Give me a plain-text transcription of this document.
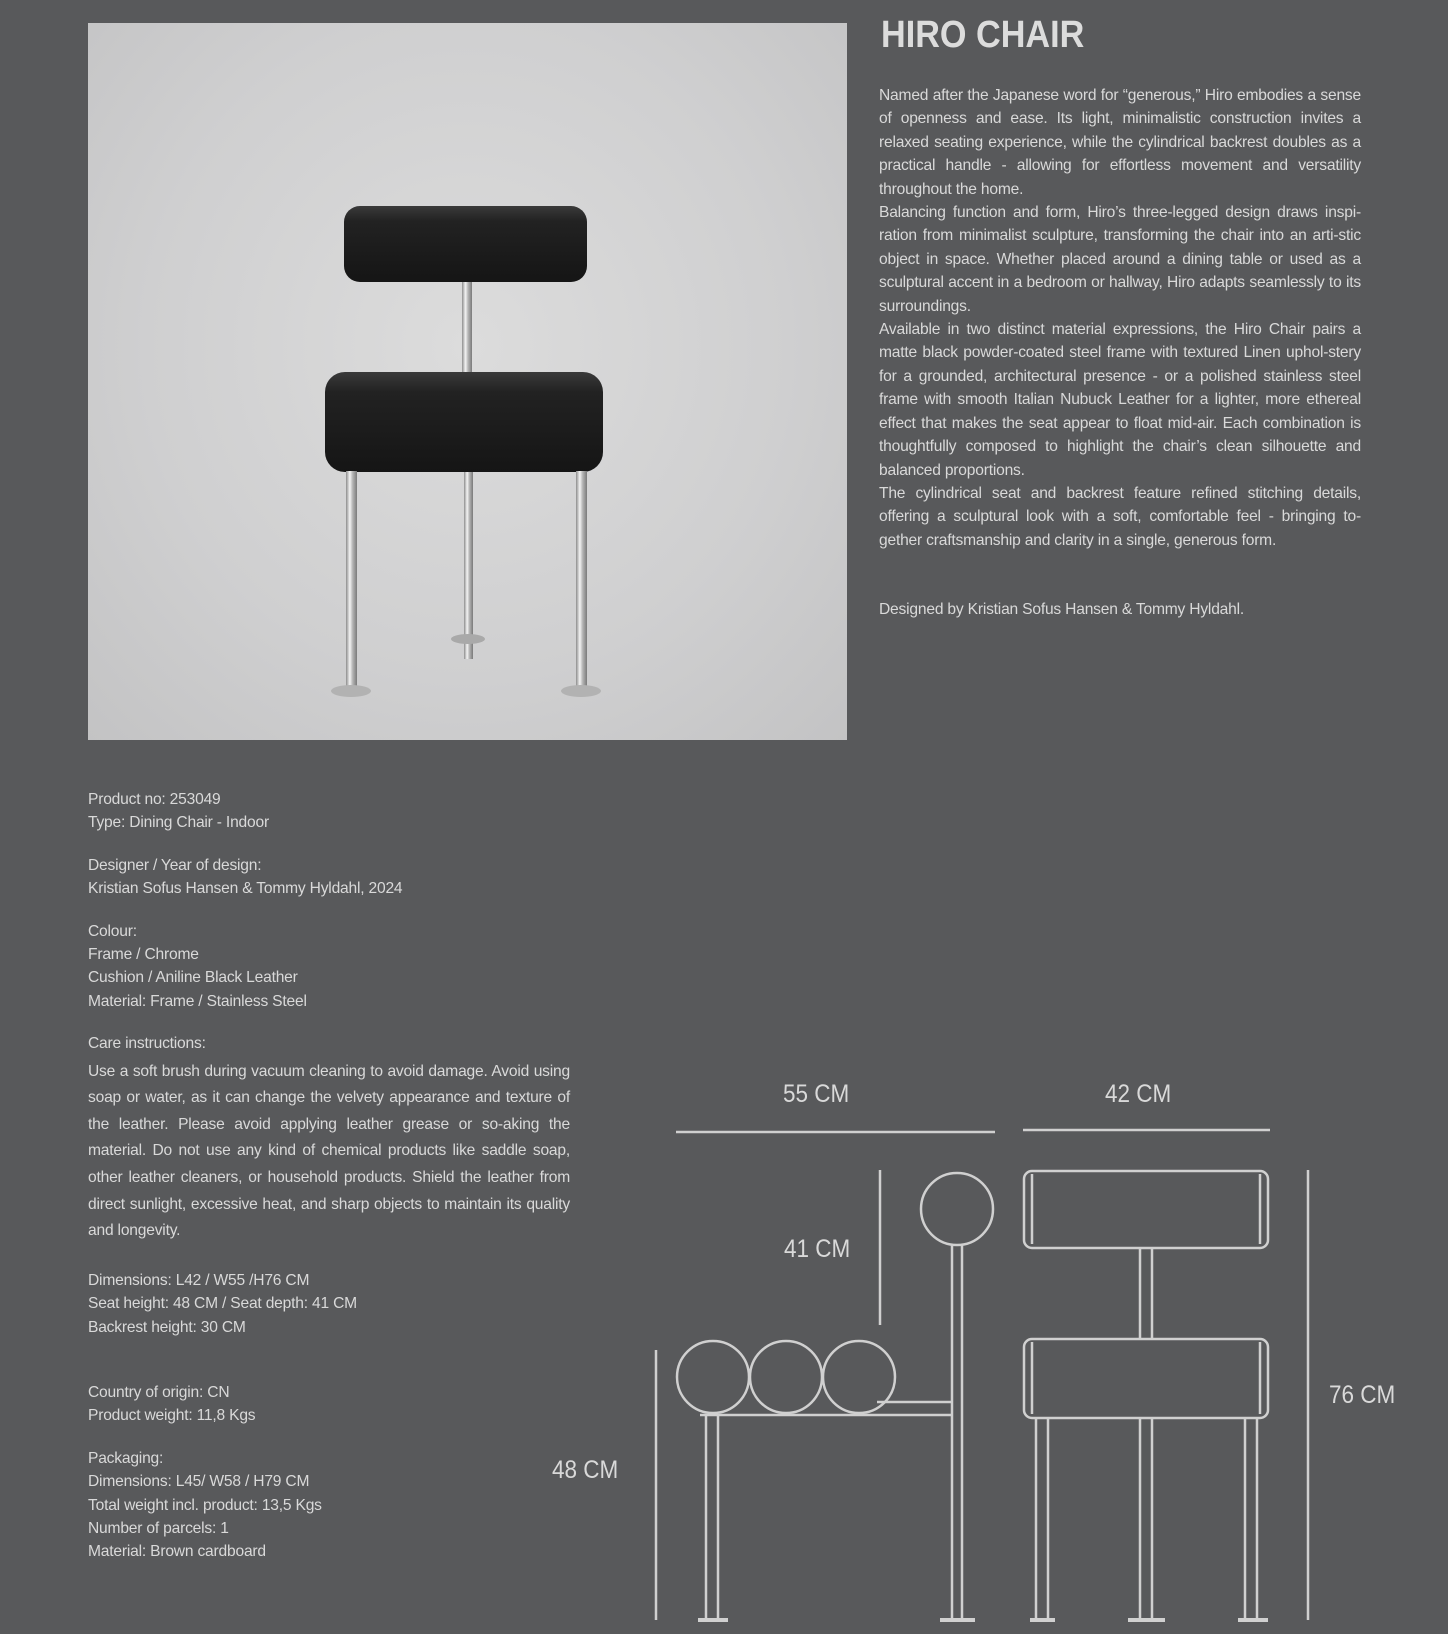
HIRO CHAIR

Named after the Japanese word for “generous,” Hiro embodies a sense of openness and ease. Its light, minimalistic construction invites a relaxed seating experience, while the cylindrical backrest doubles as a practical handle - allowing for effortless movement and versatility throughout the home.

Balancing function and form, Hiro’s three-legged design draws inspi-ration from minimalist sculpture, transforming the chair into an arti-stic object in space. Whether placed around a dining table or used as a sculptural accent in a bedroom or hallway, Hiro adapts seamlessly to its surroundings.

Available in two distinct material expressions, the Hiro Chair pairs a matte black powder-coated steel frame with textured Linen uphol-stery for a grounded, architectural presence - or a polished stainless steel frame with smooth Italian Nubuck Leather for a lighter, more ethereal effect that makes the seat appear to float mid-air. Each combination is thoughtfully composed to highlight the chair’s clean silhouette and balanced proportions.

The cylindrical seat and backrest feature refined stitching details, offering a sculptural look with a soft, comfortable feel - bringing to-gether craftsmanship and clarity in a single, generous form.

Designed by Kristian Sofus Hansen & Tommy Hyldahl.
Product no: 253049
Type: Dining Chair - Indoor
Designer / Year of design:
Kristian Sofus Hansen & Tommy Hyldahl, 2024
Colour:
Frame / Chrome
Cushion / Aniline Black Leather
Material: Frame / Stainless Steel
Care instructions:
Use a soft brush during vacuum cleaning to avoid damage. Avoid using soap or water, as it can change the velvety appearance and texture of the leather. Please avoid applying leather grease or so-aking the material. Do not use any kind of chemical products like saddle soap, other leather cleaners, or household products. Shield the leather from direct sunlight, excessive heat, and sharp objects to maintain its quality and longevity.
Dimensions: L42 / W55 /H76 CM
Seat height: 48 CM / Seat depth: 41 CM
Backrest height: 30 CM
Country of origin: CN
Product weight: 11,8 Kgs
Packaging:
Dimensions: L45/ W58 / H79 CM
Total weight incl. product: 13,5 Kgs
Number of parcels: 1
Material: Brown cardboard
55 CM	42 CM
41 CM
48 CM
76 CM
